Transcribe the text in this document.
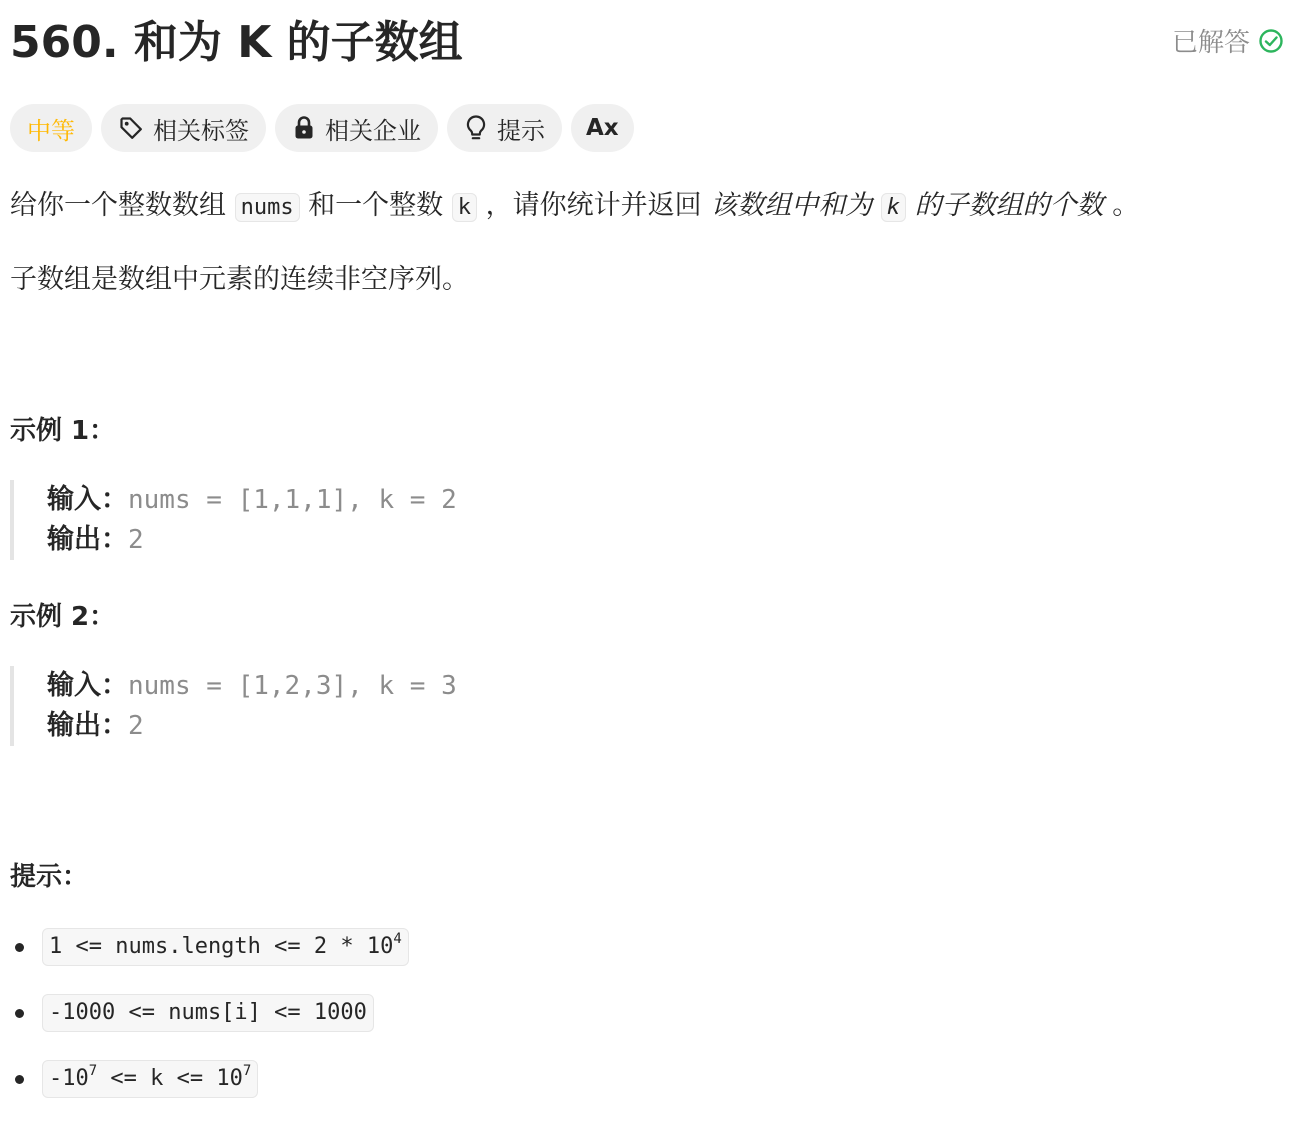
560. 和为 K 的子数组	已解答
中等	相关标签	相关企业	提示 Ax

给你一个整数数组 nums 和一个整数 k ，请你统计并返回 该数组中和为 k 的子数组的个数 。

子数组是数组中元素的连续非空序列。

示例 1：
输入：nums = [1,1,1], k = 2
输出：2
示例 2：
输入：nums = [1,2,3], k = 3
输出：2
提示：
1 <= nums.length <= $2 * 10^4$
-1000 <= nums[i] <= 1000
$-10^7 <= k <= 10^7$
